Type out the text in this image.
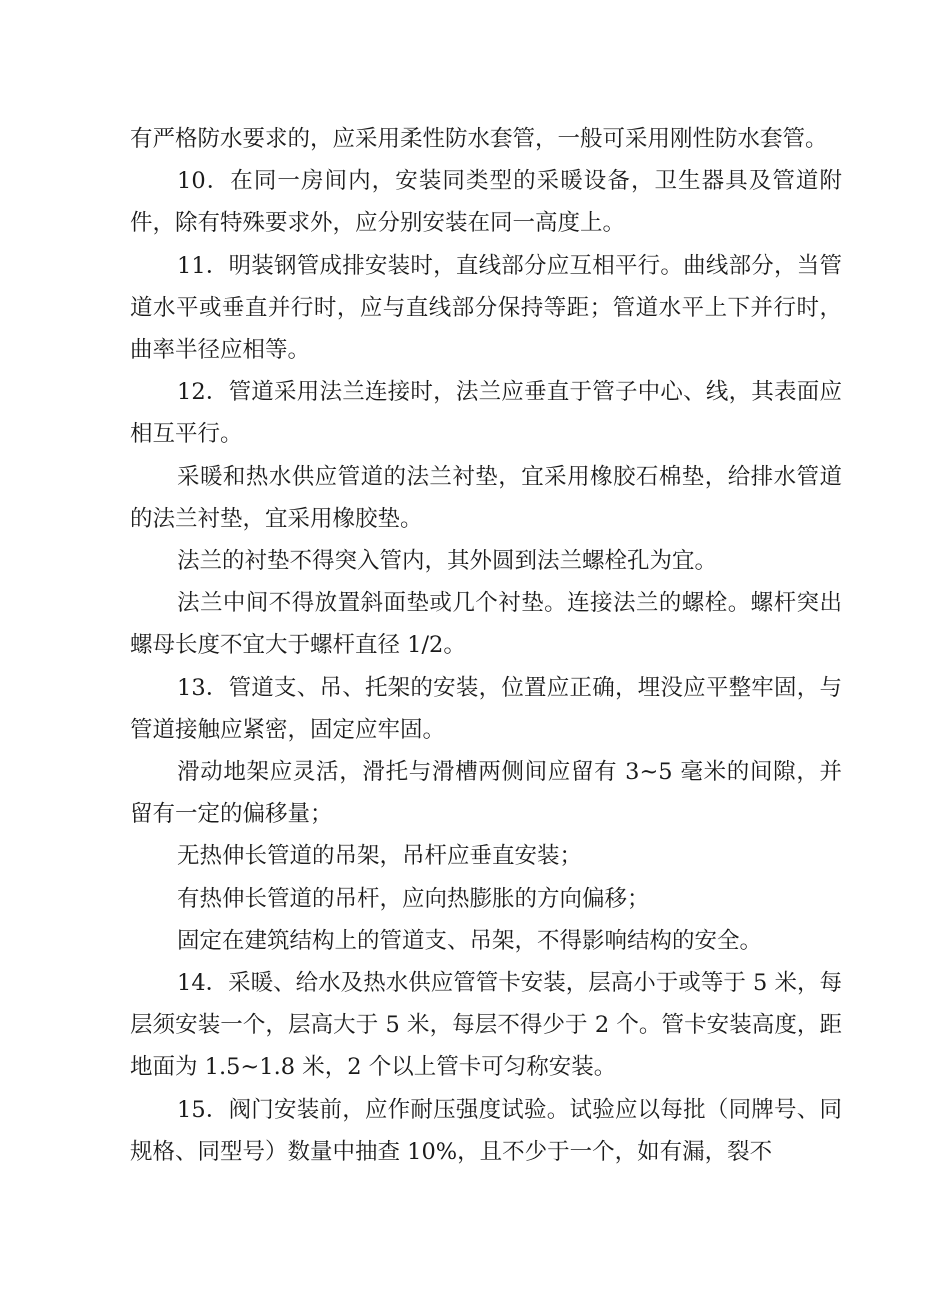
有严格防水要求的，应采用柔性防水套管，一般可采用刚性防水套管。

10．在同一房间内，安装同类型的采暖设备，卫生器具及管道附件，除有特殊要求外，应分别安装在同一高度上。

11．明装钢管成排安装时，直线部分应互相平行。曲线部分，当管道水平或垂直并行时，应与直线部分保持等距；管道水平上下并行时，曲率半径应相等。

12．管道采用法兰连接时，法兰应垂直于管子中心、线，其表面应相互平行。

采暖和热水供应管道的法兰衬垫，宜采用橡胶石棉垫，给排水管道的法兰衬垫，宜采用橡胶垫。

法兰的衬垫不得突入管内，其外圆到法兰螺栓孔为宜。

法兰中间不得放置斜面垫或几个衬垫。连接法兰的螺栓。螺杆突出螺母长度不宜大于螺杆直径 1/2。

13．管道支、吊、托架的安装，位置应正确，埋没应平整牢固，与管道接触应紧密，固定应牢固。

滑动地架应灵活，滑托与滑槽两侧间应留有 3~5 毫米的间隙，并留有一定的偏移量；

无热伸长管道的吊架，吊杆应垂直安装；

有热伸长管道的吊杆，应向热膨胀的方向偏移；

固定在建筑结构上的管道支、吊架，不得影响结构的安全。

14．采暖、给水及热水供应管管卡安装，层高小于或等于 5 米，每层须安装一个，层高大于 5 米，每层不得少于 2 个。管卡安装高度，距地面为 1.5~1.8 米，2 个以上管卡可匀称安装。

15．阀门安装前，应作耐压强度试验。试验应以每批（同牌号、同规格、同型号）数量中抽查 10%，且不少于一个，如有漏，裂不
